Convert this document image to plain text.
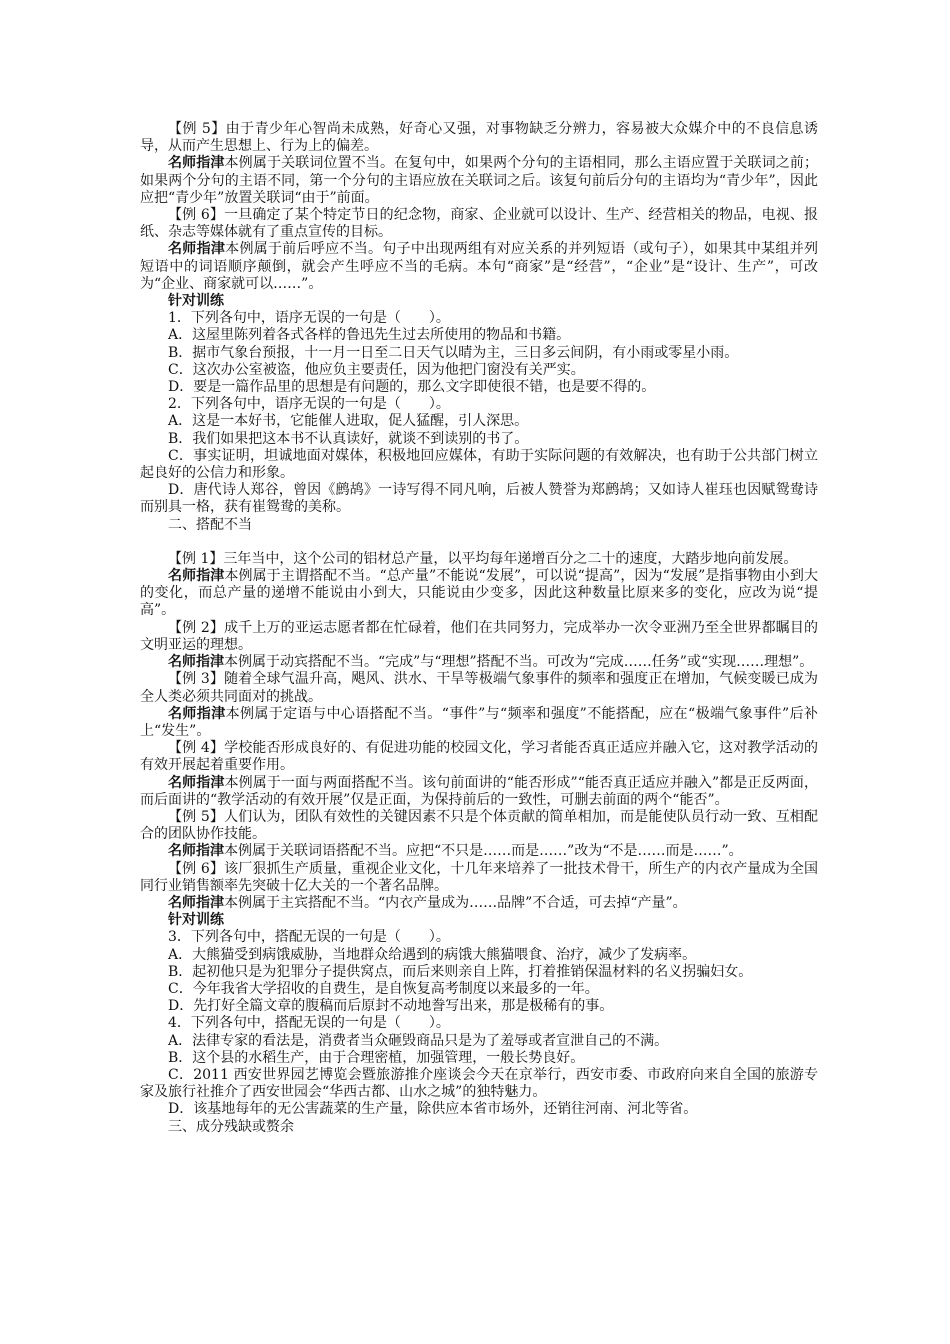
【例 5】由于青少年心智尚未成熟，好奇心又强，对事物缺乏分辨力，容易被大众媒介中的不良信息诱导，从而产生思想上、行为上的偏差。

名师指津本例属于关联词位置不当。在复句中，如果两个分句的主语相同，那么主语应置于关联词之前；如果两个分句的主语不同，第一个分句的主语应放在关联词之后。该复句前后分句的主语均为“青少年”，因此应把“青少年”放置关联词“由于”前面。

【例 6】一旦确定了某个特定节日的纪念物，商家、企业就可以设计、生产、经营相关的物品，电视、报纸、杂志等媒体就有了重点宣传的目标。

名师指津本例属于前后呼应不当。句子中出现两组有对应关系的并列短语（或句子），如果其中某组并列短语中的词语顺序颠倒，就会产生呼应不当的毛病。本句“商家”是“经营”，“企业”是“设计、生产”，可改为“企业、商家就可以……”。

针对训练

1．下列各句中，语序无误的一句是（　　）。

A．这屋里陈列着各式各样的鲁迅先生过去所使用的物品和书籍。

B．据市气象台预报，十一月一日至二日天气以晴为主，三日多云间阴，有小雨或零星小雨。

C．这次办公室被盗，他应负主要责任，因为他把门窗没有关严实。

D．要是一篇作品里的思想是有问题的，那么文字即使很不错，也是要不得的。

2．下列各句中，语序无误的一句是（　　）。

A．这是一本好书，它能催人进取，促人猛醒，引人深思。

B．我们如果把这本书不认真读好，就谈不到读别的书了。

C．事实证明，坦诚地面对媒体，积极地回应媒体，有助于实际问题的有效解决，也有助于公共部门树立起良好的公信力和形象。

D．唐代诗人郑谷，曾因《鹧鸪》一诗写得不同凡响，后被人赞誉为郑鹧鸪；又如诗人崔珏也因赋鸳鸯诗而别具一格，获有崔鸳鸯的美称。

二、搭配不当

【例 1】三年当中，这个公司的铝材总产量，以平均每年递增百分之二十的速度，大踏步地向前发展。

名师指津本例属于主谓搭配不当。“总产量”不能说“发展”，可以说“提高”，因为“发展”是指事物由小到大的变化，而总产量的递增不能说由小到大，只能说由少变多，因此这种数量比原来多的变化，应改为说“提高”。

【例 2】成千上万的亚运志愿者都在忙碌着，他们在共同努力，完成举办一次令亚洲乃至全世界都瞩目的文明亚运的理想。

名师指津本例属于动宾搭配不当。“完成”与“理想”搭配不当。可改为“完成……任务”或“实现……理想”。

【例 3】随着全球气温升高，飓风、洪水、干旱等极端气象事件的频率和强度正在增加，气候变暖已成为全人类必须共同面对的挑战。

名师指津本例属于定语与中心语搭配不当。“事件”与“频率和强度”不能搭配，应在“极端气象事件”后补上“发生”。

【例 4】学校能否形成良好的、有促进功能的校园文化，学习者能否真正适应并融入它，这对教学活动的有效开展起着重要作用。

名师指津本例属于一面与两面搭配不当。该句前面讲的“能否形成”“能否真正适应并融入”都是正反两面，而后面讲的“教学活动的有效开展”仅是正面，为保持前后的一致性，可删去前面的两个“能否”。

【例 5】人们认为，团队有效性的关键因素不只是个体贡献的简单相加，而是能使队员行动一致、互相配合的团队协作技能。

名师指津本例属于关联词语搭配不当。应把“不只是……而是……”改为“不是……而是……”。

【例 6】该厂狠抓生产质量，重视企业文化，十几年来培养了一批技术骨干，所生产的内衣产量成为全国同行业销售额率先突破十亿大关的一个著名品牌。

名师指津本例属于主宾搭配不当。“内衣产量成为……品牌”不合适，可去掉“产量”。

针对训练

3．下列各句中，搭配无误的一句是（　　）。

A．大熊猫受到病饿威胁，当地群众给遇到的病饿大熊猫喂食、治疗，减少了发病率。

B．起初他只是为犯罪分子提供窝点，而后来则亲自上阵，打着推销保温材料的名义拐骗妇女。

C．今年我省大学招收的自费生，是自恢复高考制度以来最多的一年。

D．先打好全篇文章的腹稿而后原封不动地誊写出来，那是极稀有的事。

4．下列各句中，搭配无误的一句是（　　）。

A．法律专家的看法是，消费者当众砸毁商品只是为了羞辱或者宣泄自己的不满。

B．这个县的水稻生产，由于合理密植，加强管理，一般长势良好。

C．2011 西安世界园艺博览会暨旅游推介座谈会今天在京举行，西安市委、市政府向来自全国的旅游专家及旅行社推介了西安世园会“华西古都、山水之城”的独特魅力。

D．该基地每年的无公害蔬菜的生产量，除供应本省市场外，还销往河南、河北等省。

三、成分残缺或赘余
